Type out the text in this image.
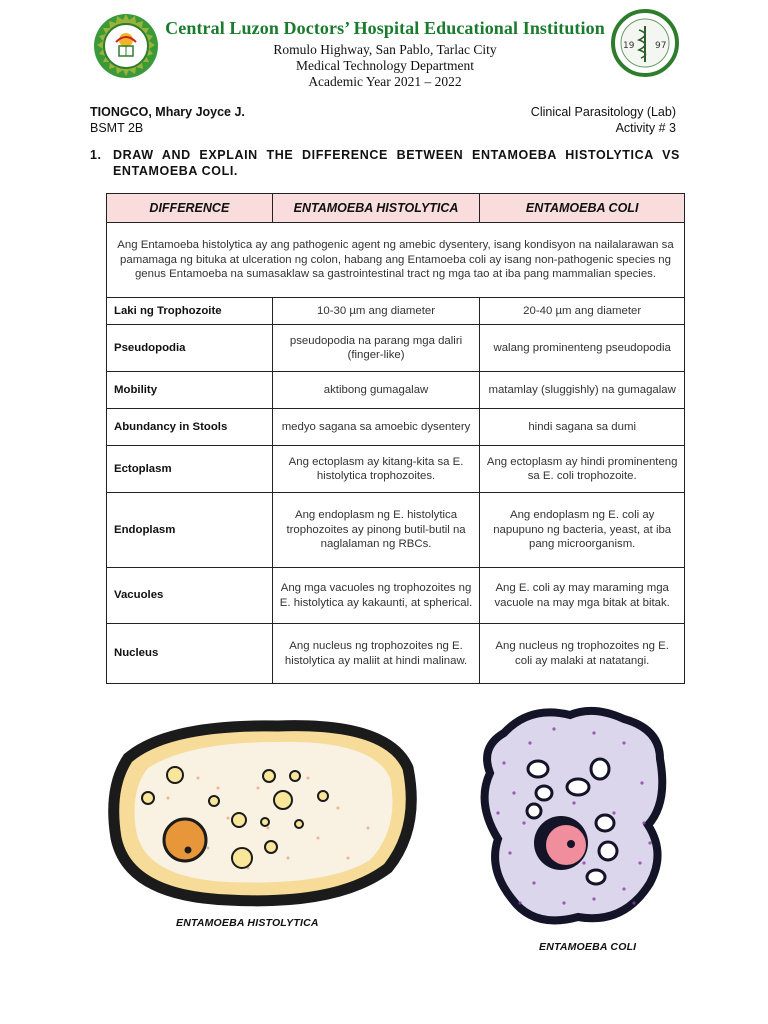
19 97
Central Luzon Doctors’ Hospital Educational Institution
Romulo Highway, San Pablo, Tarlac City
Medical Technology Department
Academic Year 2021 – 2022
TIONGCO, Mhary Joyce J.
BSMT 2B
Clinical Parasitology (Lab)
Activity # 3
1. DRAW AND EXPLAIN THE DIFFERENCE BETWEEN ENTAMOEBA HISTOLYTICA VS ENTAMOEBA COLI.
DIFFERENCE	ENTAMOEBA HISTOLYTICA	ENTAMOEBA COLI
Ang Entamoeba histolytica ay ang pathogenic agent ng amebic dysentery, isang kondisyon na nailalarawan sa pamamaga ng bituka at ulceration ng colon, habang ang Entamoeba coli ay isang non-pathogenic species ng genus Entamoeba na sumasaklaw sa gastrointestinal tract ng mga tao at iba pang mammalian species.		
Laki ng Trophozoite	10-30 µm ang diameter	20-40 µm ang diameter
Pseudopodia	pseudopodia na parang mga daliri (finger-like)	walang prominenteng pseudopodia
Mobility	aktibong gumagalaw	matamlay (sluggishly) na gumagalaw
Abundancy in Stools	medyo sagana sa amoebic dysentery	hindi sagana sa dumi
Ectoplasm	Ang ectoplasm ay kitang-kita sa E. histolytica trophozoites.	Ang ectoplasm ay hindi prominenteng sa E. coli trophozoite.
Endoplasm	Ang endoplasm ng E. histolytica trophozoites ay pinong butil-butil na naglalaman ng RBCs.	Ang endoplasm ng E. coli ay napupuno ng bacteria, yeast, at iba pang microorganism.
Vacuoles	Ang mga vacuoles ng trophozoites ng E. histolytica ay kakaunti, at spherical.	Ang E. coli ay may maraming mga vacuole na may mga bitak at bitak.
Nucleus	Ang nucleus ng trophozoites ng E. histolytica ay maliit at hindi malinaw.	Ang nucleus ng trophozoites ng E. coli ay malaki at natatangi.
ENTAMOEBA HISTOLYTICA
ENTAMOEBA COLI
